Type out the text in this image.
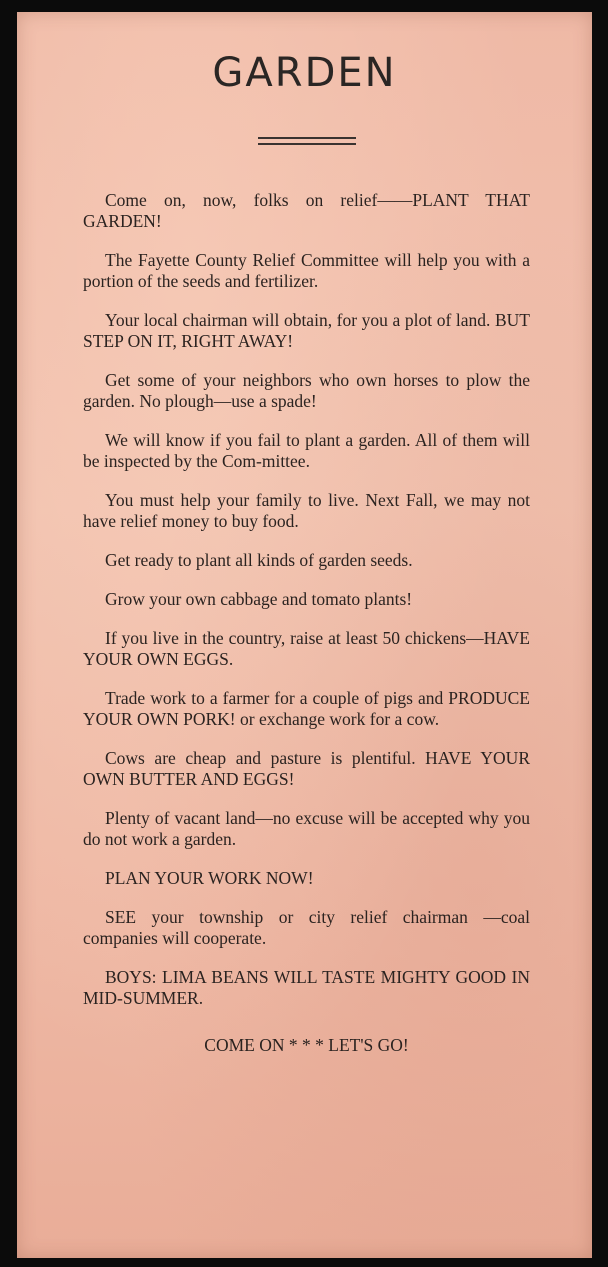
GARDEN

Come on, now, folks on relief——PLANT THAT GARDEN!

The Fayette County Relief Committee will help you with a portion of the seeds and fertilizer.

Your local chairman will obtain, for you a plot of land. BUT STEP ON IT, RIGHT AWAY!

Get some of your neighbors who own horses to plow the garden. No plough—use a spade!

We will know if you fail to plant a garden. All of them will be inspected by the Com-mittee.

You must help your family to live. Next Fall, we may not have relief money to buy food.

Get ready to plant all kinds of garden seeds.

Grow your own cabbage and tomato plants!

If you live in the country, raise at least 50 chickens—HAVE YOUR OWN EGGS.

Trade work to a farmer for a couple of pigs and PRODUCE YOUR OWN PORK! or exchange work for a cow.

Cows are cheap and pasture is plentiful. HAVE YOUR OWN BUTTER AND EGGS!

Plenty of vacant land—no excuse will be accepted why you do not work a garden.

PLAN YOUR WORK NOW!

SEE your township or city relief chairman —coal companies will cooperate.

BOYS: LIMA BEANS WILL TASTE MIGHTY GOOD IN MID-SUMMER.

COME ON * * * LET'S GO!
